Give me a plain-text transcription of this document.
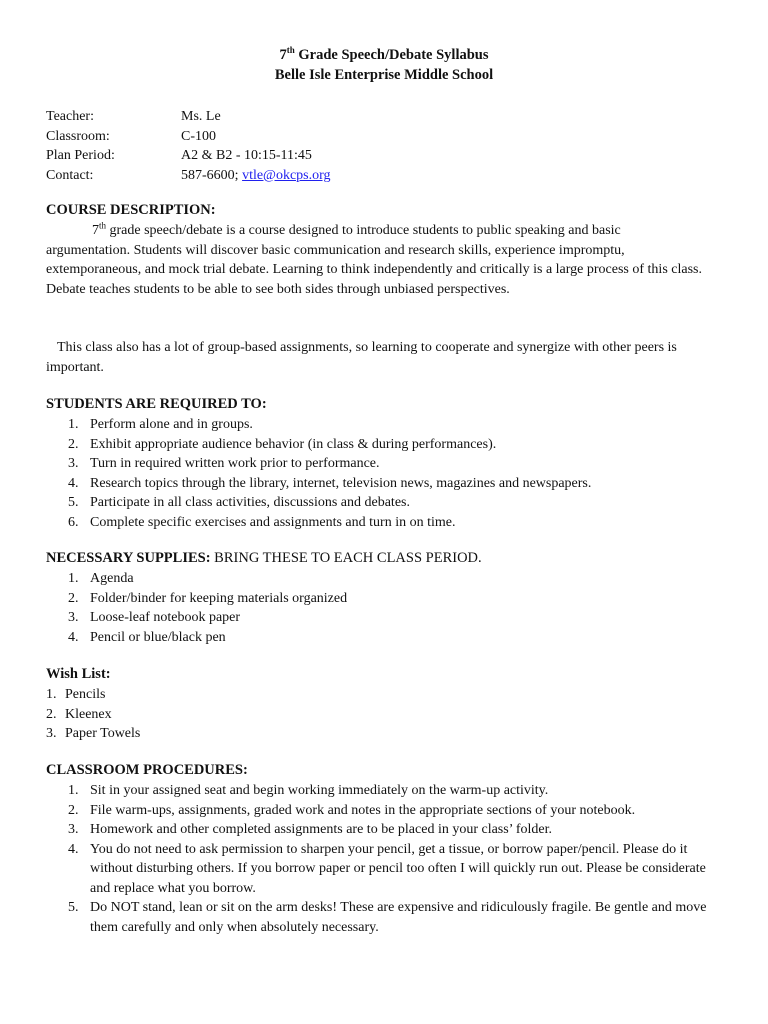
7th Grade Speech/Debate Syllabus
Belle Isle Enterprise Middle School
Teacher:	Ms. Le
Classroom:	C-100
Plan Period:	A2 & B2 - 10:15-11:45
Contact:	587-6600; vtle@okcps.org
COURSE DESCRIPTION:
7th grade speech/debate is a course designed to introduce students to public speaking and basic argumentation. Students will discover basic communication and research skills, experience impromptu, extemporaneous, and mock trial debate. Learning to think independently and critically is a large process of this class. Debate teaches students to be able to see both sides through unbiased perspectives.
This class also has a lot of group-based assignments, so learning to cooperate and synergize with other peers is important.
STUDENTS ARE REQUIRED TO:
1. Perform alone and in groups.
2. Exhibit appropriate audience behavior (in class & during performances).
3. Turn in required written work prior to performance.
4. Research topics through the library, internet, television news, magazines and newspapers.
5. Participate in all class activities, discussions and debates.
6. Complete specific exercises and assignments and turn in on time.
NECESSARY SUPPLIES: BRING THESE TO EACH CLASS PERIOD.
1. Agenda
2. Folder/binder for keeping materials organized
3. Loose-leaf notebook paper
4. Pencil or blue/black pen
Wish List:
1. Pencils
2. Kleenex
3. Paper Towels
CLASSROOM PROCEDURES:
1. Sit in your assigned seat and begin working immediately on the warm-up activity.
2. File warm-ups, assignments, graded work and notes in the appropriate sections of your notebook.
3. Homework and other completed assignments are to be placed in your class’ folder.
4. You do not need to ask permission to sharpen your pencil, get a tissue, or borrow paper/pencil. Please do it without disturbing others. If you borrow paper or pencil too often I will quickly run out. Please be considerate and replace what you borrow.
5. Do NOT stand, lean or sit on the arm desks! These are expensive and ridiculously fragile. Be gentle and move them carefully and only when absolutely necessary.
